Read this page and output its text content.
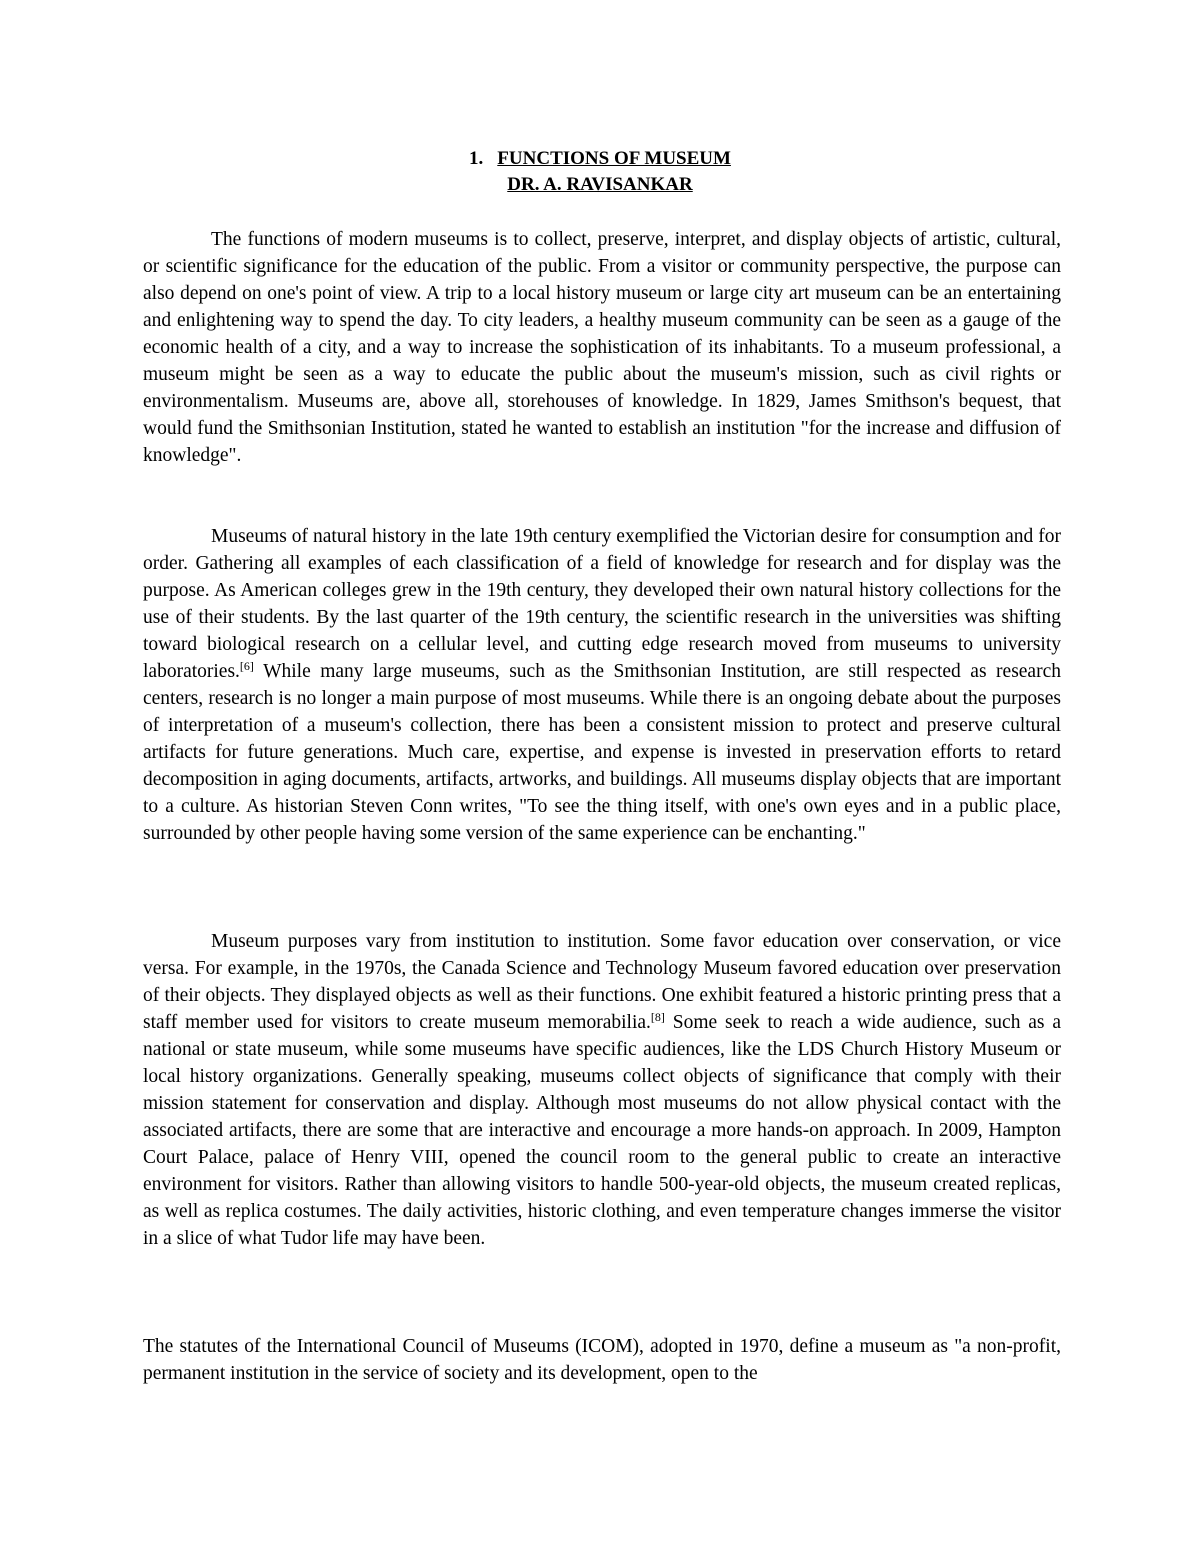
1. FUNCTIONS OF MUSEUM
DR. A. RAVISANKAR

The functions of modern museums is to collect, preserve, interpret, and display objects of artistic, cultural, or scientific significance for the education of the public. From a visitor or community perspective, the purpose can also depend on one's point of view. A trip to a local history museum or large city art museum can be an entertaining and enlightening way to spend the day. To city leaders, a healthy museum community can be seen as a gauge of the economic health of a city, and a way to increase the sophistication of its inhabitants. To a museum professional, a museum might be seen as a way to educate the public about the museum's mission, such as civil rights or environmentalism. Museums are, above all, storehouses of knowledge. In 1829, James Smithson's bequest, that would fund the Smithsonian Institution, stated he wanted to establish an institution "for the increase and diffusion of knowledge".

Museums of natural history in the late 19th century exemplified the Victorian desire for consumption and for order. Gathering all examples of each classification of a field of knowledge for research and for display was the purpose. As American colleges grew in the 19th century, they developed their own natural history collections for the use of their students. By the last quarter of the 19th century, the scientific research in the universities was shifting toward biological research on a cellular level, and cutting edge research moved from museums to university laboratories.[6] While many large museums, such as the Smithsonian Institution, are still respected as research centers, research is no longer a main purpose of most museums. While there is an ongoing debate about the purposes of interpretation of a museum's collection, there has been a consistent mission to protect and preserve cultural artifacts for future generations. Much care, expertise, and expense is invested in preservation efforts to retard decomposition in aging documents, artifacts, artworks, and buildings. All museums display objects that are important to a culture. As historian Steven Conn writes, "To see the thing itself, with one's own eyes and in a public place, surrounded by other people having some version of the same experience can be enchanting."

Museum purposes vary from institution to institution. Some favor education over conservation, or vice versa. For example, in the 1970s, the Canada Science and Technology Museum favored education over preservation of their objects. They displayed objects as well as their functions. One exhibit featured a historic printing press that a staff member used for visitors to create museum memorabilia.[8] Some seek to reach a wide audience, such as a national or state museum, while some museums have specific audiences, like the LDS Church History Museum or local history organizations. Generally speaking, museums collect objects of significance that comply with their mission statement for conservation and display. Although most museums do not allow physical contact with the associated artifacts, there are some that are interactive and encourage a more hands-on approach. In 2009, Hampton Court Palace, palace of Henry VIII, opened the council room to the general public to create an interactive environment for visitors. Rather than allowing visitors to handle 500-year-old objects, the museum created replicas, as well as replica costumes. The daily activities, historic clothing, and even temperature changes immerse the visitor in a slice of what Tudor life may have been.

The statutes of the International Council of Museums (ICOM), adopted in 1970, define a museum as "a non-profit, permanent institution in the service of society and its development, open to the
